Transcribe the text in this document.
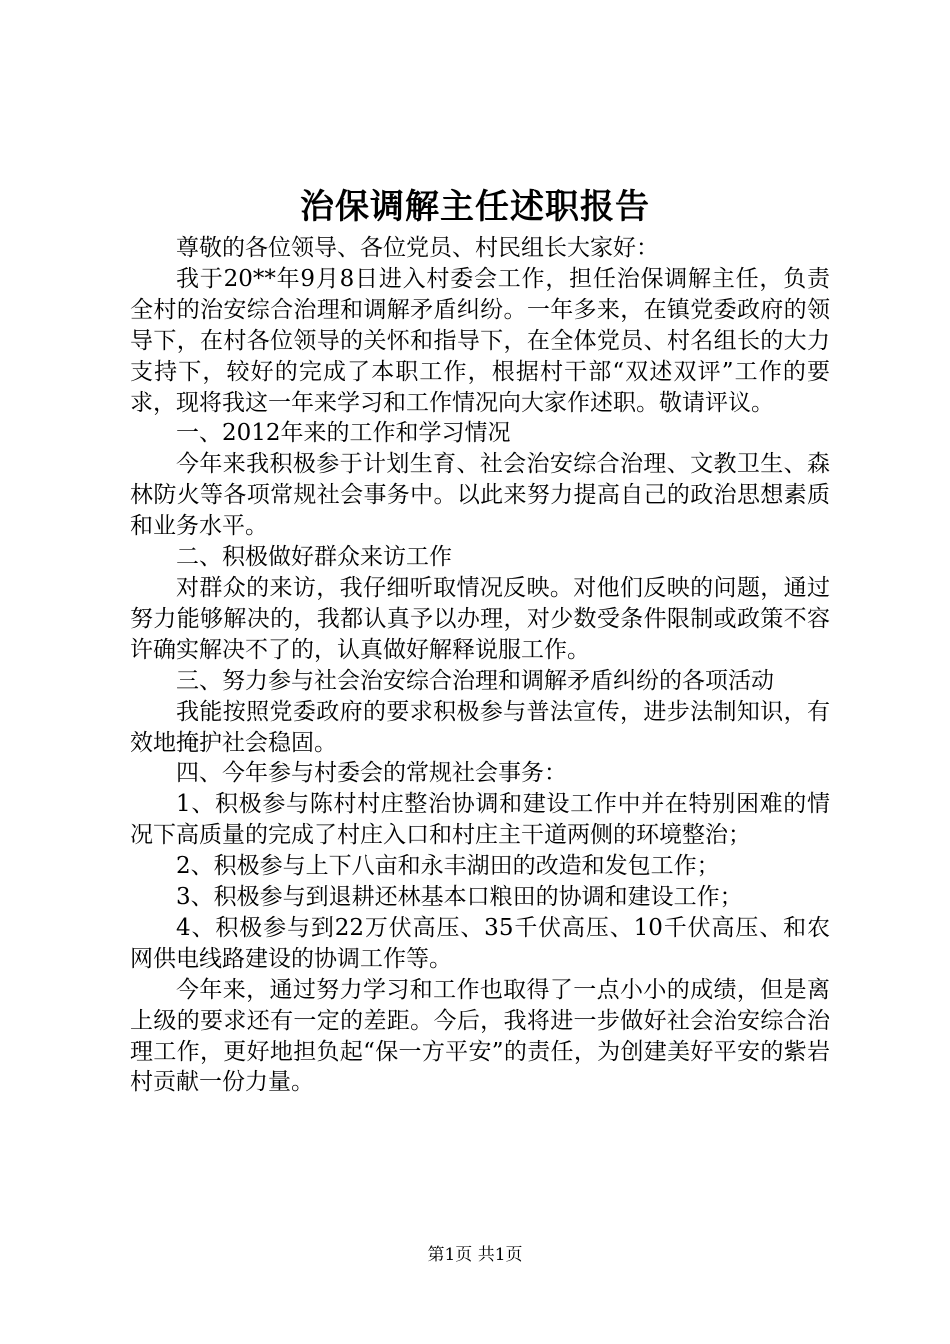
治保调解主任述职报告

尊敬的各位领导、各位党员、村民组长大家好：

我于20**年9月8日进入村委会工作，担任治保调解主任，负责全村的治安综合治理和调解矛盾纠纷。一年多来，在镇党委政府的领导下，在村各位领导的关怀和指导下，在全体党员、村名组长的大力支持下，较好的完成了本职工作，根据村干部“双述双评”工作的要求，现将我这一年来学习和工作情况向大家作述职。敬请评议。

一、2012年来的工作和学习情况

今年来我积极参于计划生育、社会治安综合治理、文教卫生、森林防火等各项常规社会事务中。以此来努力提高自己的政治思想素质和业务水平。

二、积极做好群众来访工作

对群众的来访，我仔细听取情况反映。对他们反映的问题，通过努力能够解决的，我都认真予以办理，对少数受条件限制或政策不容许确实解决不了的，认真做好解释说服工作。

三、努力参与社会治安综合治理和调解矛盾纠纷的各项活动

我能按照党委政府的要求积极参与普法宣传，进步法制知识，有效地掩护社会稳固。

四、今年参与村委会的常规社会事务：

1、积极参与陈村村庄整治协调和建设工作中并在特别困难的情况下高质量的完成了村庄入口和村庄主干道两侧的环境整治；

2、积极参与上下八亩和永丰湖田的改造和发包工作；

3、积极参与到退耕还林基本口粮田的协调和建设工作；

4、积极参与到22万伏高压、35千伏高压、10千伏高压、和农网供电线路建设的协调工作等。

今年来，通过努力学习和工作也取得了一点小小的成绩，但是离上级的要求还有一定的差距。今后，我将进一步做好社会治安综合治理工作，更好地担负起“保一方平安”的责任，为创建美好平安的紫岩村贡献一份力量。

第1页 共1页
